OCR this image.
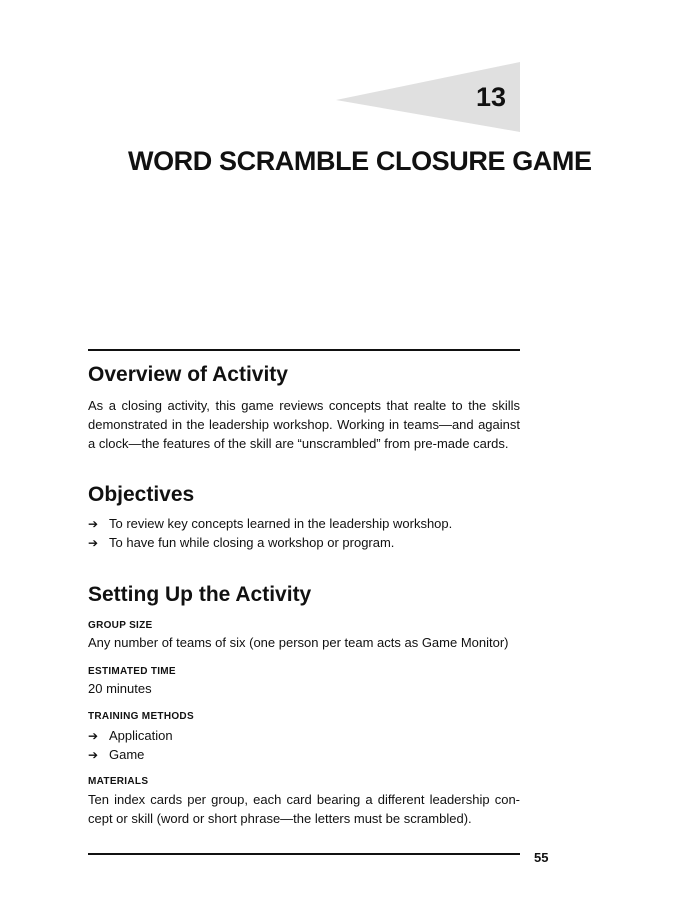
13
WORD SCRAMBLE CLOSURE GAME
Overview of Activity

As a closing activity, this game reviews concepts that realte to the skills demonstrated in the leadership workshop. Working in teams—and against a clock—the features of the skill are “unscrambled” from pre-made cards.

Objectives
➔ To review key concepts learned in the leadership workshop.
➔ To have fun while closing a workshop or program.
Setting Up the Activity
GROUP SIZE
Any number of teams of six (one person per team acts as Game Monitor)
ESTIMATED TIME
20 minutes
TRAINING METHODS
➔ Application
➔ Game
MATERIALS

Ten index cards per group, each card bearing a different leadership con-cept or skill (word or short phrase—the letters must be scrambled).

55
